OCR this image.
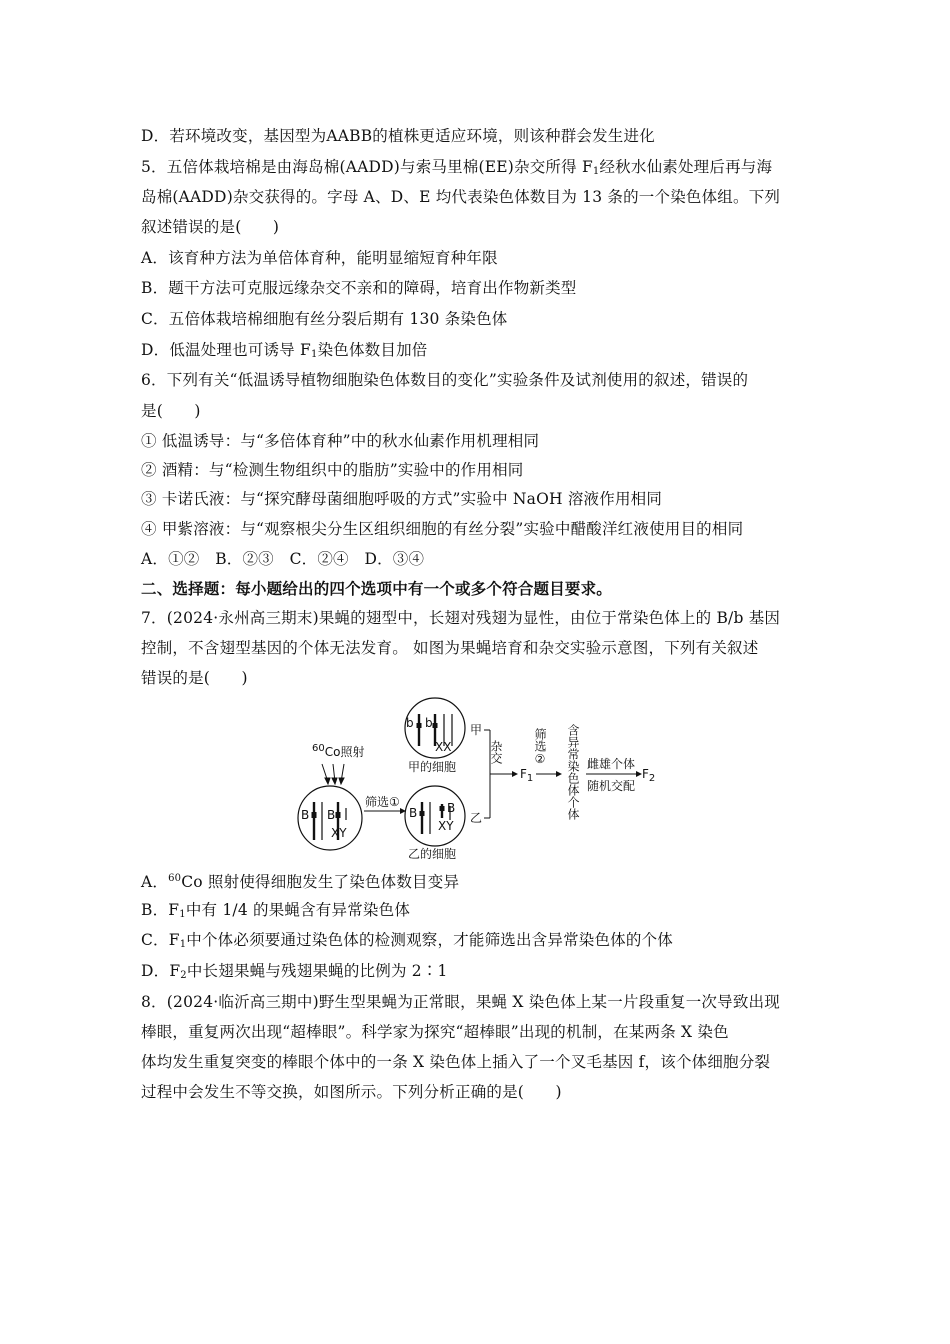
D．若环境改变，基因型为AABB的植株更适应环境，则该种群会发生进化
5．五倍体栽培棉是由海岛棉(AADD)与索马里棉(EE)杂交所得 $F_1$经秋水仙素处理后再与海
岛棉(AADD)杂交获得的。字母 A、D、E 均代表染色体数目为 13 条的一个染色体组。下列
叙述错误的是(　　)
A．该育种方法为单倍体育种，能明显缩短育种年限
B．题干方法可克服远缘杂交不亲和的障碍，培育出作物新类型
C．五倍体栽培棉细胞有丝分裂后期有 130 条染色体
D．低温处理也可诱导 $F_1$染色体数目加倍
6．下列有关“低温诱导植物细胞染色体数目的变化”实验条件及试剂使用的叙述，错误的
是(　　)
① 低温诱导：与“多倍体育种”中的秋水仙素作用机理相同
② 酒精：与“检测生物组织中的脂肪”实验中的作用相同
③ 卡诺氏液：与“探究酵母菌细胞呼吸的方式”实验中 NaOH 溶液作用相同
④ 甲紫溶液：与“观察根尖分生区组织细胞的有丝分裂”实验中醋酸洋红液使用目的相同
A．①②　B．②③　C．②④　D．③④
二、选择题：每小题给出的四个选项中有一个或多个符合题目要求。
7．(2024·永州高三期末)果蝇的翅型中，长翅对残翅为显性，由位于常染色体上的 B/b 基因
控制，不含翅型基因的个体无法发育。 如图为果蝇培育和杂交实验示意图，下列有关叙述
错误的是(　　)
$^{60}$Co照射
B B
XY
筛选①
b b
XX
甲的细胞
B B
XY
乙的细胞
甲
乙
杂交
$F_1$
筛选② 含异常染色体个体 雌雄个体
随机交配
$F_2$
A．$^{60}$Co 照射使得细胞发生了染色体数目变异
B．$F_1$中有 1/4 的果蝇含有异常染色体
C．$F_1$中个体必须要通过染色体的检测观察，才能筛选出含异常染色体的个体
D．$F_2$中长翅果蝇与残翅果蝇的比例为 2∶1
8．(2024·临沂高三期中)野生型果蝇为正常眼，果蝇 X 染色体上某一片段重复一次导致出现
棒眼，重复两次出现“超棒眼”。科学家为探究“超棒眼”出现的机制，在某两条 X 染色
体均发生重复突变的棒眼个体中的一条 X 染色体上插入了一个叉毛基因 f，该个体细胞分裂
过程中会发生不等交换，如图所示。下列分析正确的是(　　)
